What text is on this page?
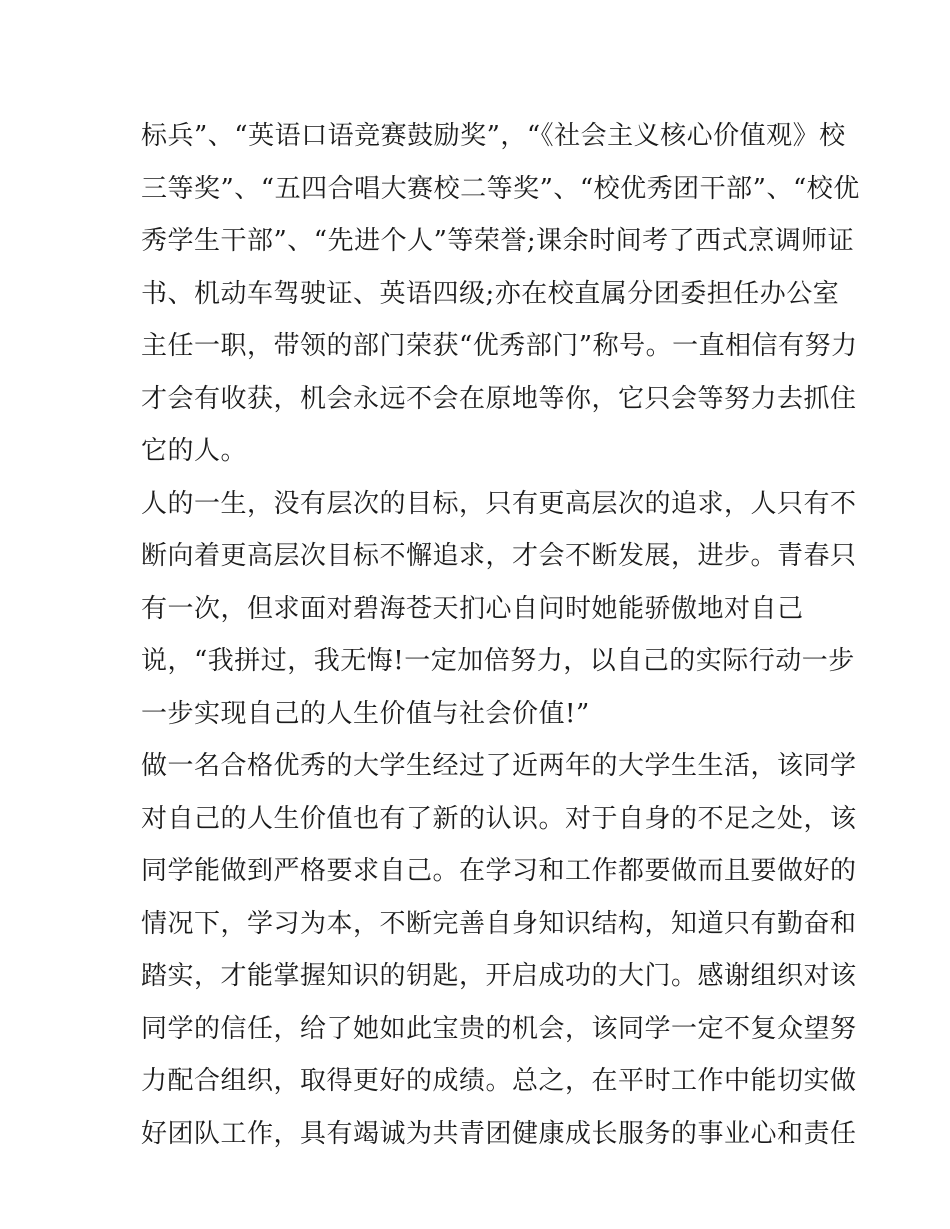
标兵”、“英语口语竞赛鼓励奖”，“《社会主义核心价值观》校
三等奖”、“五四合唱大赛校二等奖”、“校优秀团干部”、“校优
秀学生干部”、“先进个人”等荣誉;课余时间考了西式烹调师证
书、机动车驾驶证、英语四级;亦在校直属分团委担任办公室
主任一职，带领的部门荣获“优秀部门”称号。一直相信有努力
才会有收获，机会永远不会在原地等你，它只会等努力去抓住
它的人。
人的一生，没有层次的目标，只有更高层次的追求，人只有不
断向着更高层次目标不懈追求，才会不断发展，进步。青春只
有一次，但求面对碧海苍天扪心自问时她能骄傲地对自己
说，“我拼过，我无悔!一定加倍努力，以自己的实际行动一步
一步实现自己的人生价值与社会价值!”
做一名合格优秀的大学生经过了近两年的大学生生活，该同学
对自己的人生价值也有了新的认识。对于自身的不足之处，该
同学能做到严格要求自己。在学习和工作都要做而且要做好的
情况下，学习为本，不断完善自身知识结构，知道只有勤奋和
踏实，才能掌握知识的钥匙，开启成功的大门。感谢组织对该
同学的信任，给了她如此宝贵的机会，该同学一定不复众望努
力配合组织，取得更好的成绩。总之，在平时工作中能切实做
好团队工作，具有竭诚为共青团健康成长服务的事业心和责任
